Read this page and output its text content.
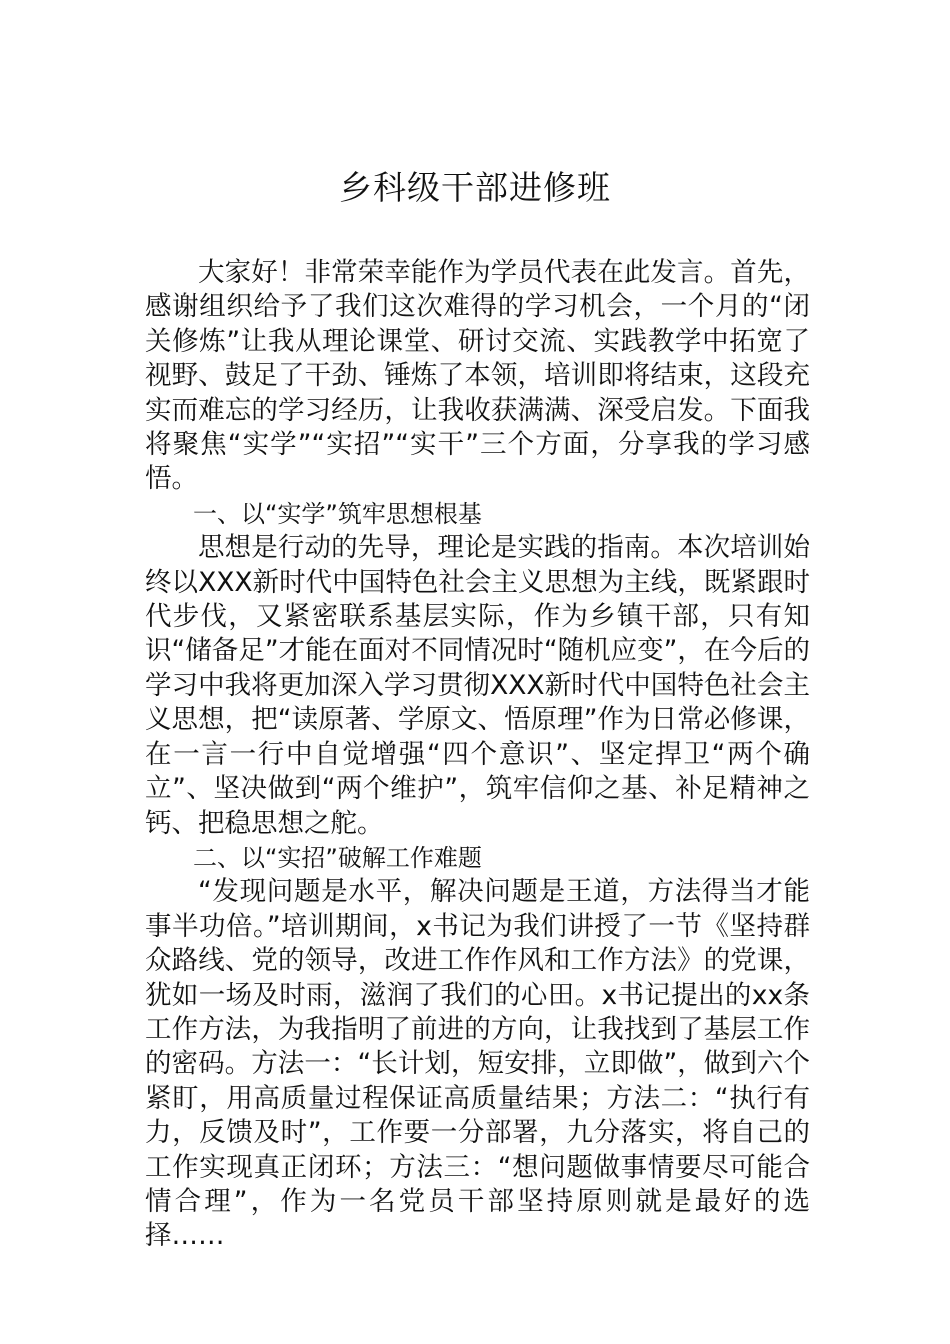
乡科级干部进修班

大家好！非常荣幸能作为学员代表在此发言。首先，感谢组织给予了我们这次难得的学习机会，一个月的“闭关修炼”让我从理论课堂、研讨交流、实践教学中拓宽了视野、鼓足了干劲、锤炼了本领，培训即将结束，这段充实而难忘的学习经历，让我收获满满、深受启发。下面我将聚焦“实学”“实招”“实干”三个方面，分享我的学习感悟。

一、以“实学”筑牢思想根基

思想是行动的先导，理论是实践的指南。本次培训始终以XXX新时代中国特色社会主义思想为主线，既紧跟时代步伐，又紧密联系基层实际，作为乡镇干部，只有知识“储备足”才能在面对不同情况时“随机应变”，在今后的学习中我将更加深入学习贯彻XXX新时代中国特色社会主义思想，把“读原著、学原文、悟原理”作为日常必修课，在一言一行中自觉增强“四个意识”、坚定捍卫“两个确立”、坚决做到“两个维护”，筑牢信仰之基、补足精神之钙、把稳思想之舵。

二、以“实招”破解工作难题

“发现问题是水平，解决问题是王道，方法得当才能事半功倍。”培训期间，x书记为我们讲授了一节《坚持群众路线、党的领导，改进工作作风和工作方法》的党课，犹如一场及时雨，滋润了我们的心田。x书记提出的xx条工作方法，为我指明了前进的方向，让我找到了基层工作的密码。方法一：“长计划，短安排，立即做”，做到六个紧盯，用高质量过程保证高质量结果；方法二：“执行有力，反馈及时”，工作要一分部署，九分落实，将自己的工作实现真正闭环；方法三：“想问题做事情要尽可能合情合理”，作为一名党员干部坚持原则就是最好的选择……
